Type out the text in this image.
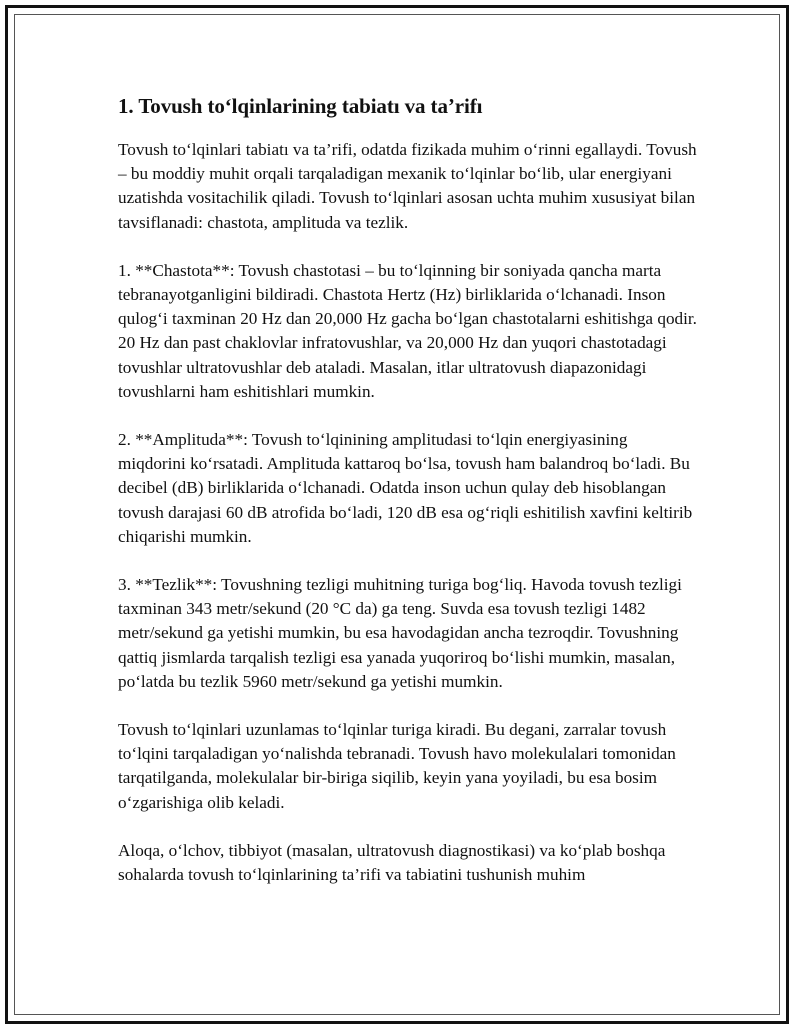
1. Tovush to‘lqinlarining tabiatı va ta’rifı

Tovush to‘lqinlari tabiatı va ta’rifi, odatda fizikada muhim o‘rinni egallaydi. Tovush – bu moddiy muhit orqali tarqaladigan mexanik to‘lqinlar bo‘lib, ular energiyani uzatishda vositachilik qiladi. Tovush to‘lqinlari asosan uchta muhim xususiyat bilan tavsiflanadi: chastota, amplituda va tezlik.

1. **Chastota**: Tovush chastotasi – bu to‘lqinning bir soniyada qancha marta tebranayotganligini bildiradi. Chastota Hertz (Hz) birliklarida o‘lchanadi. Inson qulog‘i taxminan 20 Hz dan 20,000 Hz gacha bo‘lgan chastotalarni eshitishga qodir. 20 Hz dan past chaklovlar infratovushlar, va 20,000 Hz dan yuqori chastotadagi tovushlar ultratovushlar deb ataladi. Masalan, itlar ultratovush diapazonidagi tovushlarni ham eshitishlari mumkin.

2. **Amplituda**: Tovush to‘lqinining amplitudasi to‘lqin energiyasining miqdorini ko‘rsatadi. Amplituda kattaroq bo‘lsa, tovush ham balandroq bo‘ladi. Bu decibel (dB) birliklarida o‘lchanadi. Odatda inson uchun qulay deb hisoblangan tovush darajasi 60 dB atrofida bo‘ladi, 120 dB esa og‘riqli eshitilish xavfini keltirib chiqarishi mumkin.

3. **Tezlik**: Tovushning tezligi muhitning turiga bog‘liq. Havoda tovush tezligi taxminan 343 metr/sekund (20 °C da) ga teng. Suvda esa tovush tezligi 1482 metr/sekund ga yetishi mumkin, bu esa havodagidan ancha tezroqdir. Tovushning qattiq jismlarda tarqalish tezligi esa yanada yuqoriroq bo‘lishi mumkin, masalan, po‘latda bu tezlik 5960 metr/sekund ga yetishi mumkin.

Tovush to‘lqinlari uzunlamas to‘lqinlar turiga kiradi. Bu degani, zarralar tovush to‘lqini tarqaladigan yo‘nalishda tebranadi. Tovush havo molekulalari tomonidan tarqatilganda, molekulalar bir-biriga siqilib, keyin yana yoyiladi, bu esa bosim o‘zgarishiga olib keladi.

Aloqa, o‘lchov, tibbiyot (masalan, ultratovush diagnostikasi) va ko‘plab boshqa sohalarda tovush to‘lqinlarining ta’rifi va tabiatini tushunish muhim
